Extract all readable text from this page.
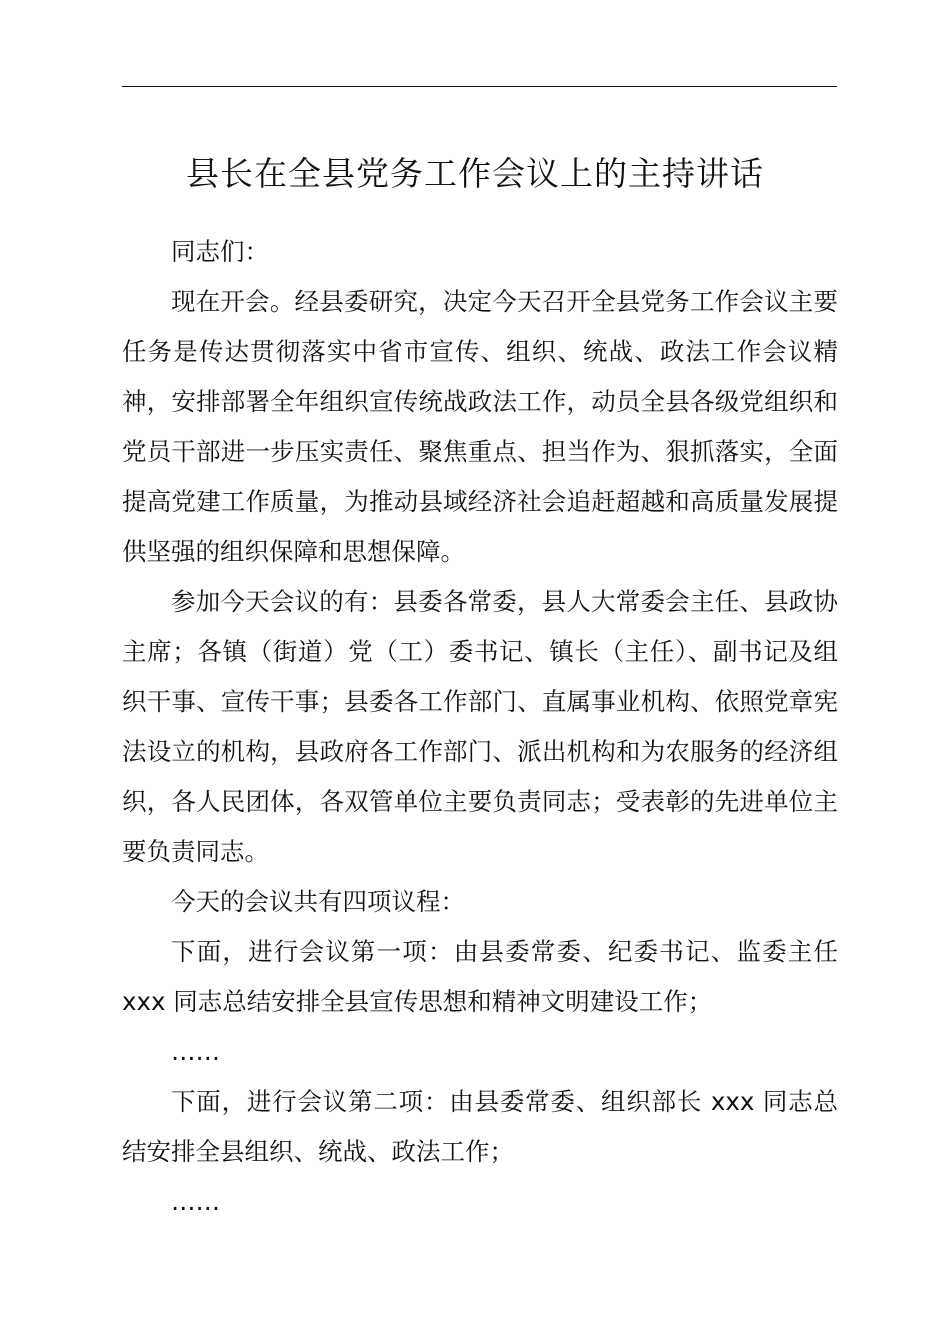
县长在全县党务工作会议上的主持讲话

同志们：

现在开会。经县委研究，决定今天召开全县党务工作会议主要任务是传达贯彻落实中省市宣传、组织、统战、政法工作会议精神，安排部署全年组织宣传统战政法工作，动员全县各级党组织和党员干部进一步压实责任、聚焦重点、担当作为、狠抓落实，全面提高党建工作质量，为推动县域经济社会追赶超越和高质量发展提供坚强的组织保障和思想保障。

参加今天会议的有：县委各常委，县人大常委会主任、县政协主席；各镇（街道）党（工）委书记、镇长（主任）、副书记及组织干事、宣传干事；县委各工作部门、直属事业机构、依照党章宪法设立的机构，县政府各工作部门、派出机构和为农服务的经济组织，各人民团体，各双管单位主要负责同志；受表彰的先进单位主要负责同志。

今天的会议共有四项议程：

下面，进行会议第一项：由县委常委、纪委书记、监委主任 xxx 同志总结安排全县宣传思想和精神文明建设工作；

……

下面，进行会议第二项：由县委常委、组织部长 xxx 同志总结安排全县组织、统战、政法工作；

……
